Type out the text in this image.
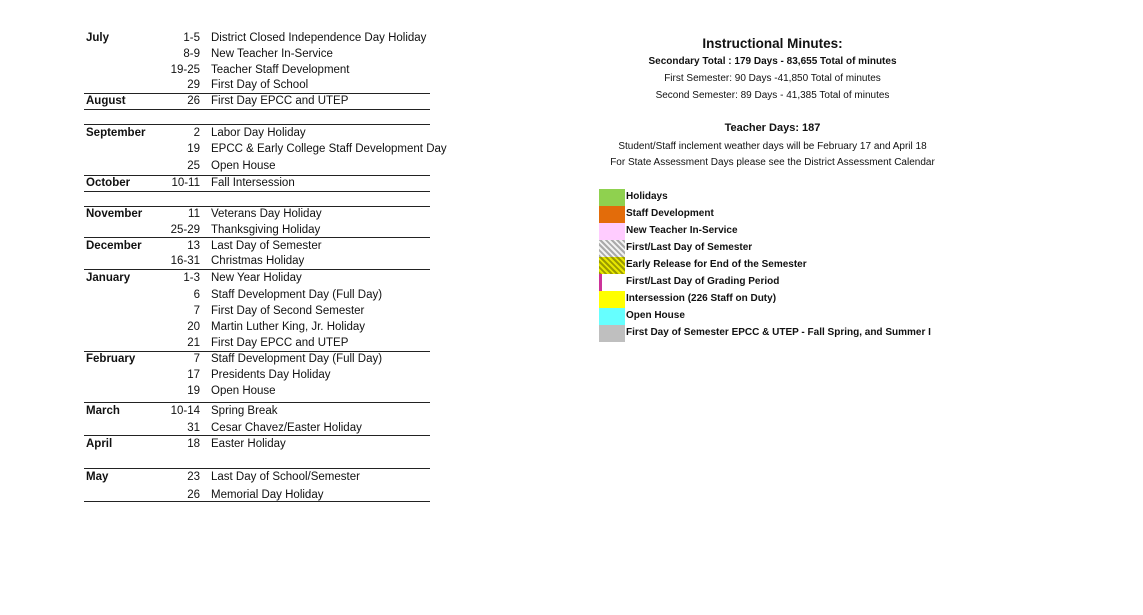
July	1-5 District Closed Independence Day Holiday
8-9 New Teacher In-Service
19-25 Teacher Staff Development
29 First Day of School
August	26 First Day EPCC and UTEP
September	2 Labor Day Holiday
19 EPCC & Early College Staff Development Day
25 Open House
October	10-11 Fall Intersession
November	11 Veterans Day Holiday
25-29 Thanksgiving Holiday
December	13 Last Day of Semester
16-31 Christmas Holiday
January	1-3 New Year Holiday
6 Staff Development Day (Full Day)
7 First Day of Second Semester
20 Martin Luther King, Jr. Holiday
21 First Day EPCC and UTEP
February	7 Staff Development Day (Full Day)
17 Presidents Day Holiday
19 Open House
March	10-14 Spring Break
31 Cesar Chavez/Easter Holiday
April	18 Easter Holiday
May	23 Last Day of School/Semester
26 Memorial Day Holiday
Instructional Minutes:
Secondary Total : 179 Days - 83,655 Total of minutes
First Semester: 90 Days -41,850 Total of minutes
Second Semester: 89 Days - 41,385 Total of minutes
Teacher Days: 187
Student/Staff inclement weather days will be February 17 and April 18
For State Assessment Days please see the District Assessment Calendar
Holidays
Staff Development
New Teacher In-Service
First/Last Day of Semester
Early Release for End of the Semester
First/Last Day of Grading Period
Intersession (226 Staff on Duty)
Open House
First Day of Semester EPCC & UTEP - Fall Spring, and Summer I
